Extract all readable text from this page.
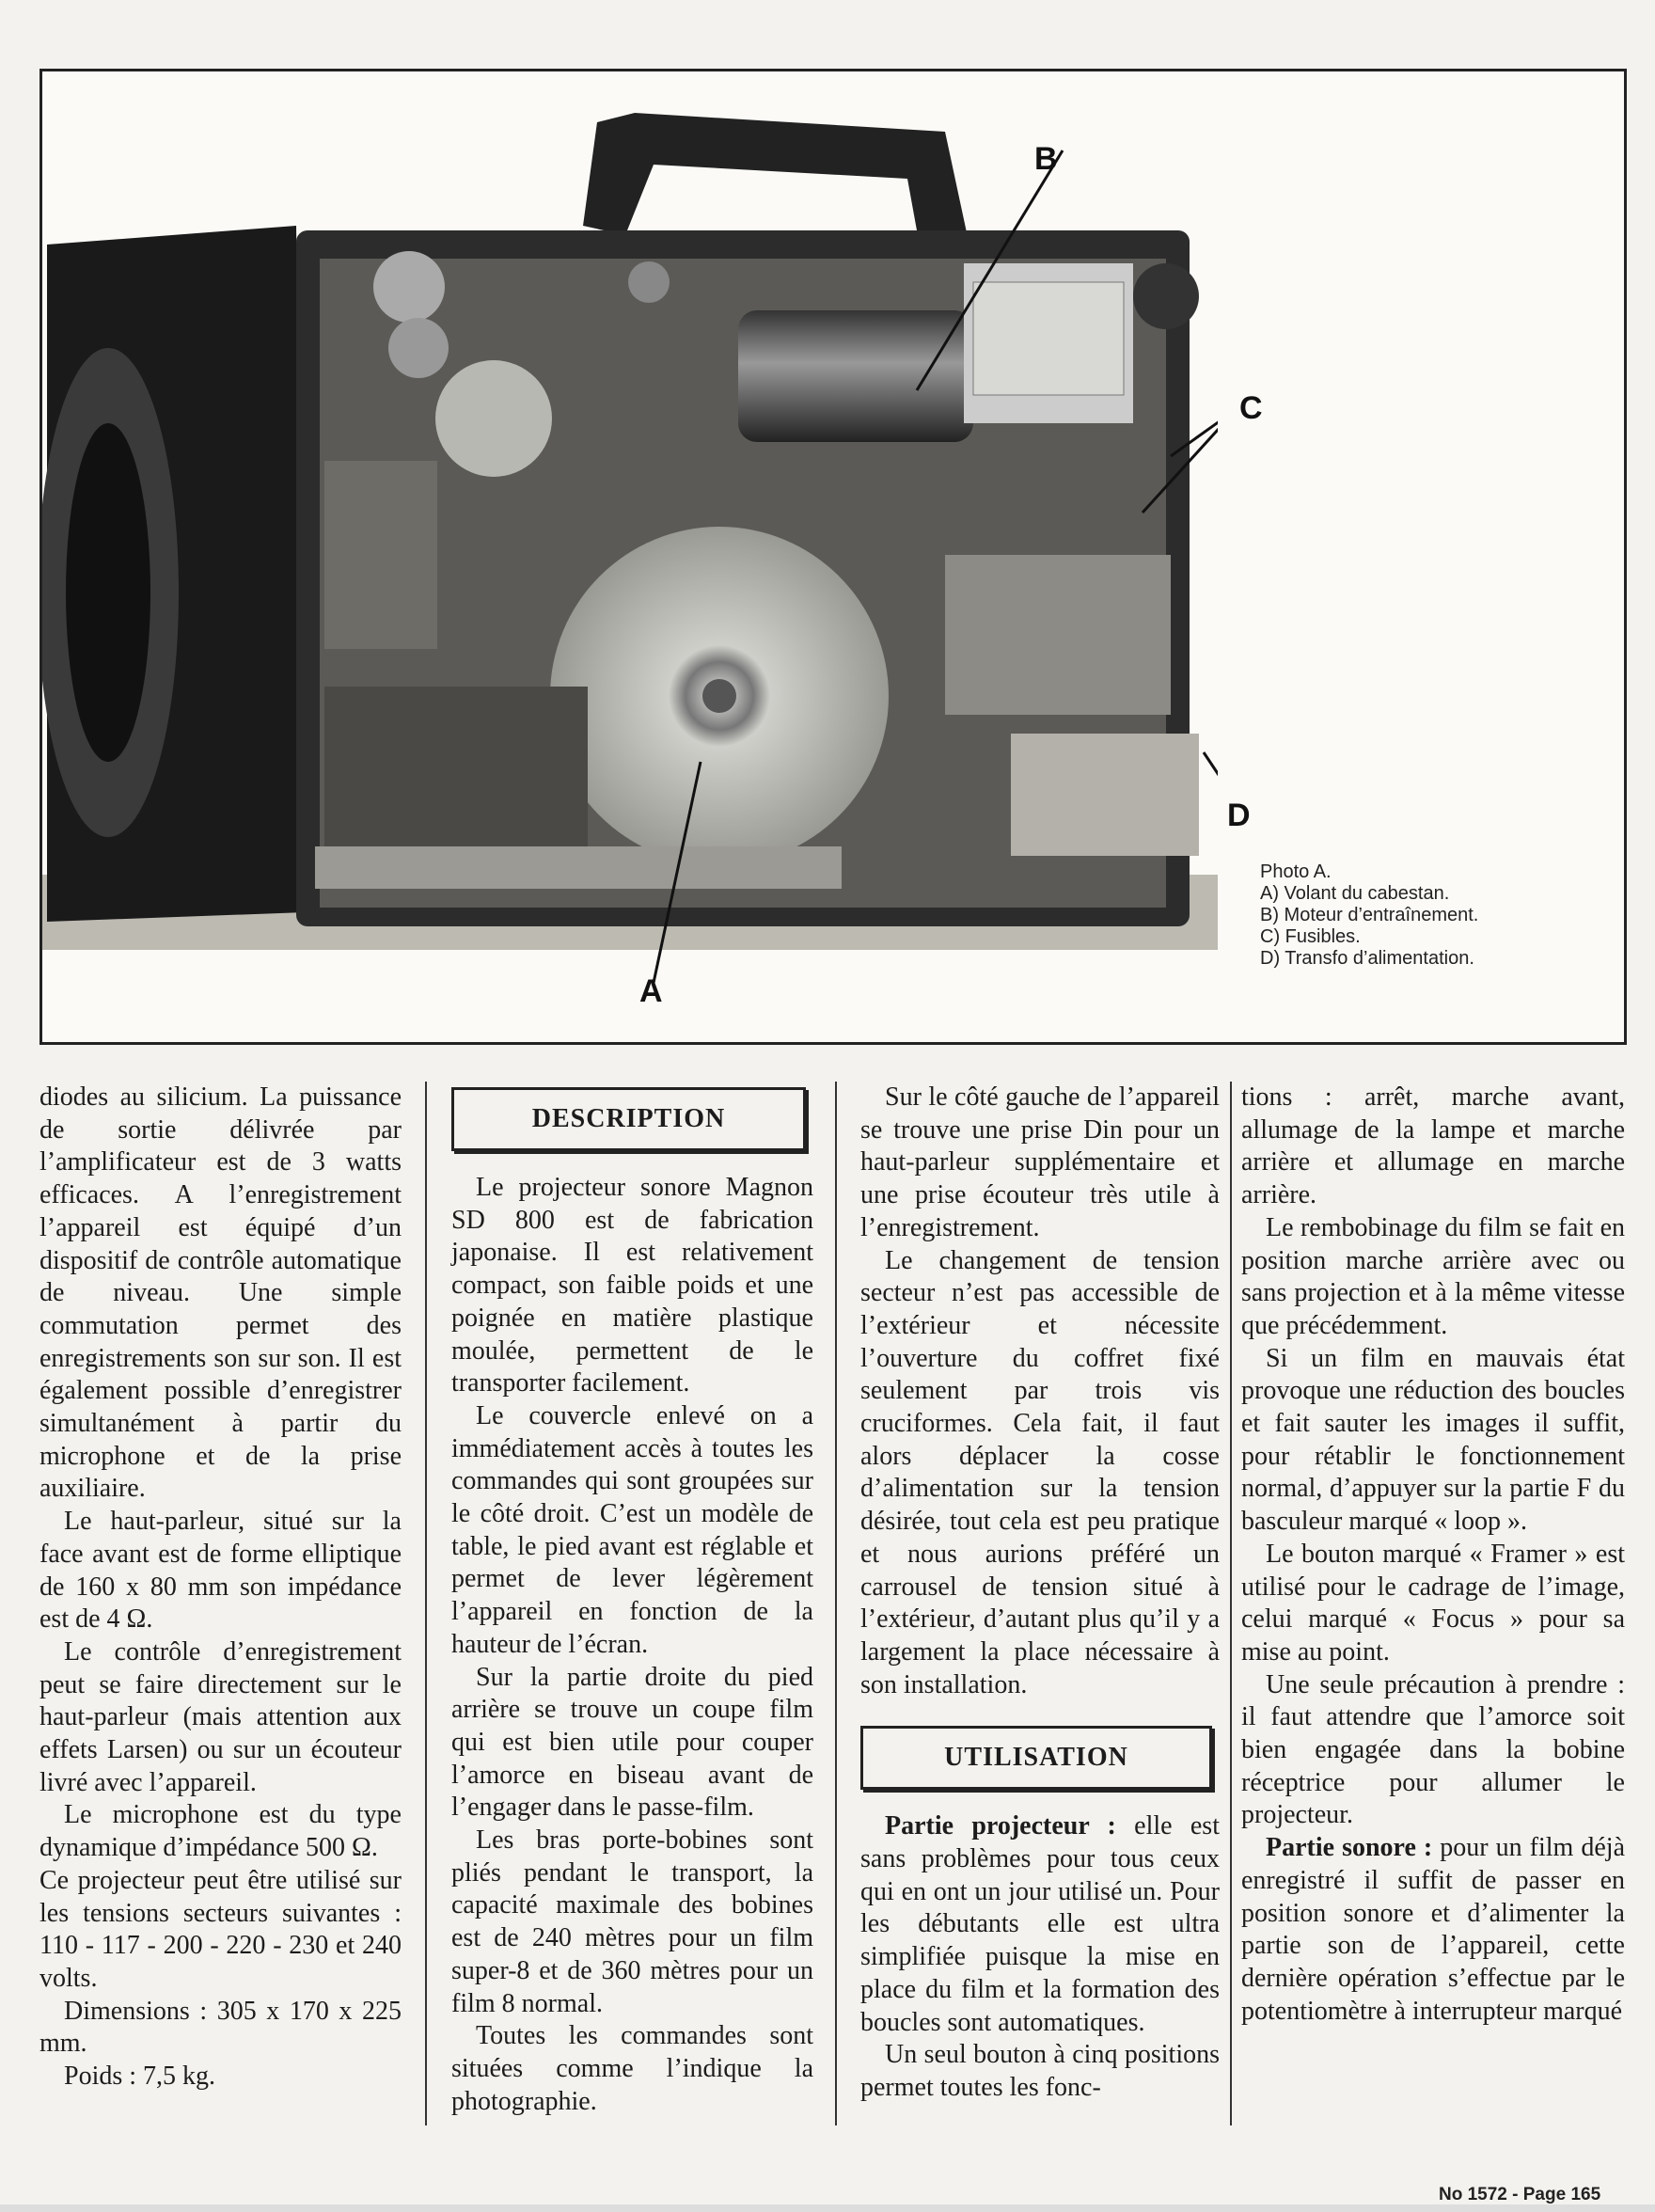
B
C
D
A
Photo A.
A) Volant du cabestan.
B) Moteur d’entraînement.
C) Fusibles.
D) Transfo d’alimentation.

diodes au silicium. La puissance de sortie délivrée par l’amplificateur est de 3 watts efficaces. A l’enregistrement l’appareil est équipé d’un dispositif de contrôle automatique de niveau. Une simple commutation permet des enregistrements son sur son. Il est également possible d’enregistrer simultanément à partir du microphone et de la prise auxiliaire.

Le haut-parleur, situé sur la face avant est de forme elliptique de 160 x 80 mm son impédance est de 4 Ω.

Le contrôle d’enregistrement peut se faire directement sur le haut-parleur (mais attention aux effets Larsen) ou sur un écouteur livré avec l’appareil.

Le microphone est du type dynamique d’impédance 500 Ω.

Ce projecteur peut être utilisé sur les tensions secteurs suivantes : 110 - 117 - 200 - 220 - 230 et 240 volts.

Dimensions : 305 x 170 x 225 mm.

Poids : 7,5 kg.

DESCRIPTION

Le projecteur sonore Magnon SD 800 est de fabrication japonaise. Il est relativement compact, son faible poids et une poignée en matière plastique moulée, permettent de le transporter facilement.

Le couvercle enlevé on a immédiatement accès à toutes les commandes qui sont groupées sur le côté droit. C’est un modèle de table, le pied avant est réglable et permet de lever légèrement l’appareil en fonction de la hauteur de l’écran.

Sur la partie droite du pied arrière se trouve un coupe film qui est bien utile pour couper l’amorce en biseau avant de l’engager dans le passe-film.

Les bras porte-bobines sont pliés pendant le transport, la capacité maximale des bobines est de 240 mètres pour un film super-8 et de 360 mètres pour un film 8 normal.

Toutes les commandes sont situées comme l’indique la photographie.

Sur le côté gauche de l’appareil se trouve une prise Din pour un haut-parleur supplémentaire et une prise écouteur très utile à l’enregistrement.

Le changement de tension secteur n’est pas accessible de l’extérieur et nécessite l’ouverture du coffret fixé seulement par trois vis cruciformes. Cela fait, il faut alors déplacer la cosse d’alimentation sur la tension désirée, tout cela est peu pratique et nous aurions préféré un carrousel de tension situé à l’extérieur, d’autant plus qu’il y a largement la place nécessaire à son installation.

UTILISATION

Partie projecteur : elle est sans problèmes pour tous ceux qui en ont un jour utilisé un. Pour les débutants elle est ultra simplifiée puisque la mise en place du film et la formation des boucles sont automatiques.

Un seul bouton à cinq positions permet toutes les fonc-

tions : arrêt, marche avant, allumage de la lampe et marche arrière et allumage en marche arrière.

Le rembobinage du film se fait en position marche arrière avec ou sans projection et à la même vitesse que précédemment.

Si un film en mauvais état provoque une réduction des boucles et fait sauter les images il suffit, pour rétablir le fonctionnement normal, d’appuyer sur la partie F du basculeur marqué « loop ».

Le bouton marqué « Framer » est utilisé pour le cadrage de l’image, celui marqué « Focus » pour sa mise au point.

Une seule précaution à prendre : il faut attendre que l’amorce soit bien engagée dans la bobine réceptrice pour allumer le projecteur.

Partie sonore : pour un film déjà enregistré il suffit de passer en position sonore et d’alimenter la partie son de l’appareil, cette dernière opération s’effectue par le potentiomètre à interrupteur marqué

No 1572 - Page 165
